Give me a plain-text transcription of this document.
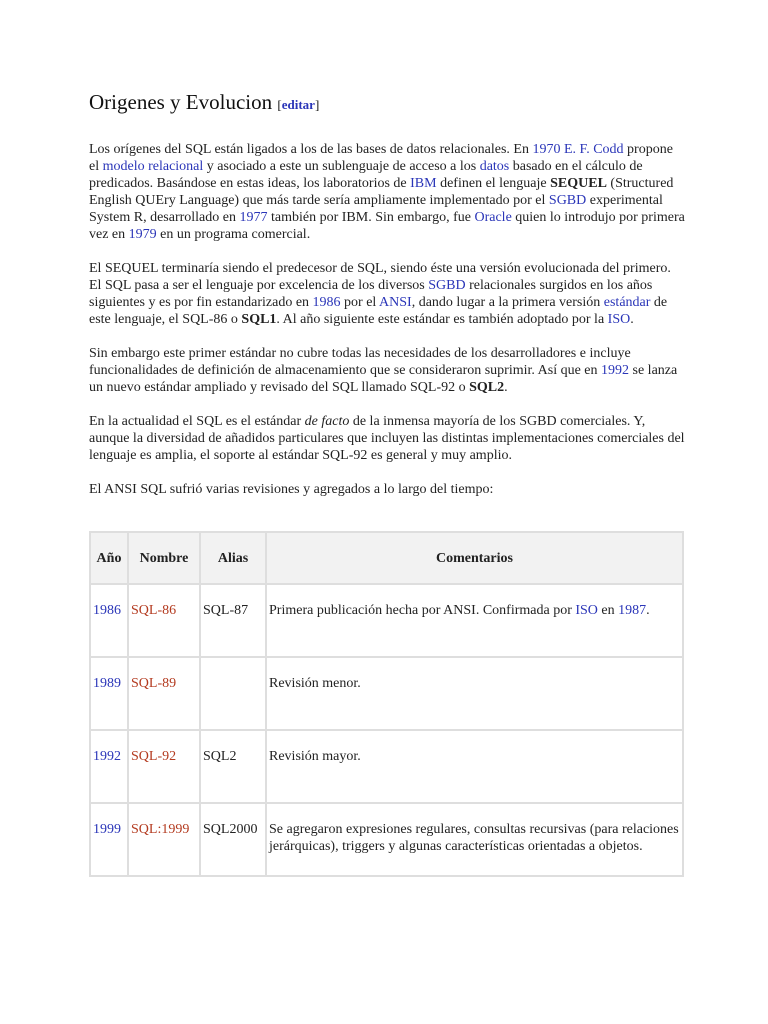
Origenes y Evolucion [editar]

Los orígenes del SQL están ligados a los de las bases de datos relacionales. En 1970 E. F. Codd propone el modelo relacional y asociado a este un sublenguaje de acceso a los datos basado en el cálculo de predicados. Basándose en estas ideas, los laboratorios de IBM definen el lenguaje SEQUEL (Structured English QUEry Language) que más tarde sería ampliamente implementado por el SGBD experimental System R, desarrollado en 1977 también por IBM. Sin embargo, fue Oracle quien lo introdujo por primera vez en 1979 en un programa comercial.

El SEQUEL terminaría siendo el predecesor de SQL, siendo éste una versión evolucionada del primero. El SQL pasa a ser el lenguaje por excelencia de los diversos SGBD relacionales surgidos en los años siguientes y es por fin estandarizado en 1986 por el ANSI, dando lugar a la primera versión estándar de este lenguaje, el SQL-86 o SQL1. Al año siguiente este estándar es también adoptado por la ISO.

Sin embargo este primer estándar no cubre todas las necesidades de los desarrolladores e incluye funcionalidades de definición de almacenamiento que se consideraron suprimir. Así que en 1992 se lanza un nuevo estándar ampliado y revisado del SQL llamado SQL-92 o SQL2.

En la actualidad el SQL es el estándar de facto de la inmensa mayoría de los SGBD comerciales. Y, aunque la diversidad de añadidos particulares que incluyen las distintas implementaciones comerciales del lenguaje es amplia, el soporte al estándar SQL-92 es general y muy amplio.

El ANSI SQL sufrió varias revisiones y agregados a lo largo del tiempo:

Año	Nombre	Alias	Comentarios
1986	SQL-86	SQL-87	Primera publicación hecha por ANSI. Confirmada por ISO en 1987.
1989	SQL-89		Revisión menor.
1992	SQL-92	SQL2	Revisión mayor.
1999	SQL:1999	SQL2000	Se agregaron expresiones regulares, consultas recursivas (para relaciones jerárquicas), triggers y algunas características orientadas a objetos.
